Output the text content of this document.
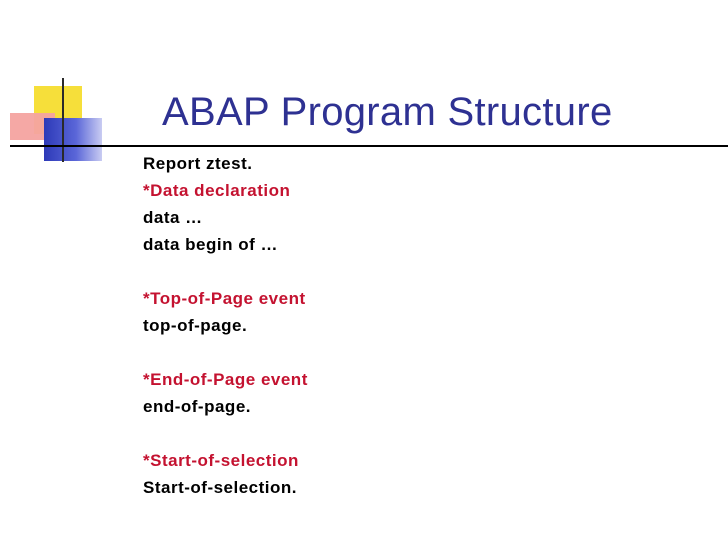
ABAP Program Structure
Report ztest.
*Data declaration
data …
data begin of …
*Top-of-Page event
top-of-page.
*End-of-Page event
end-of-page.
*Start-of-selection
Start-of-selection.
